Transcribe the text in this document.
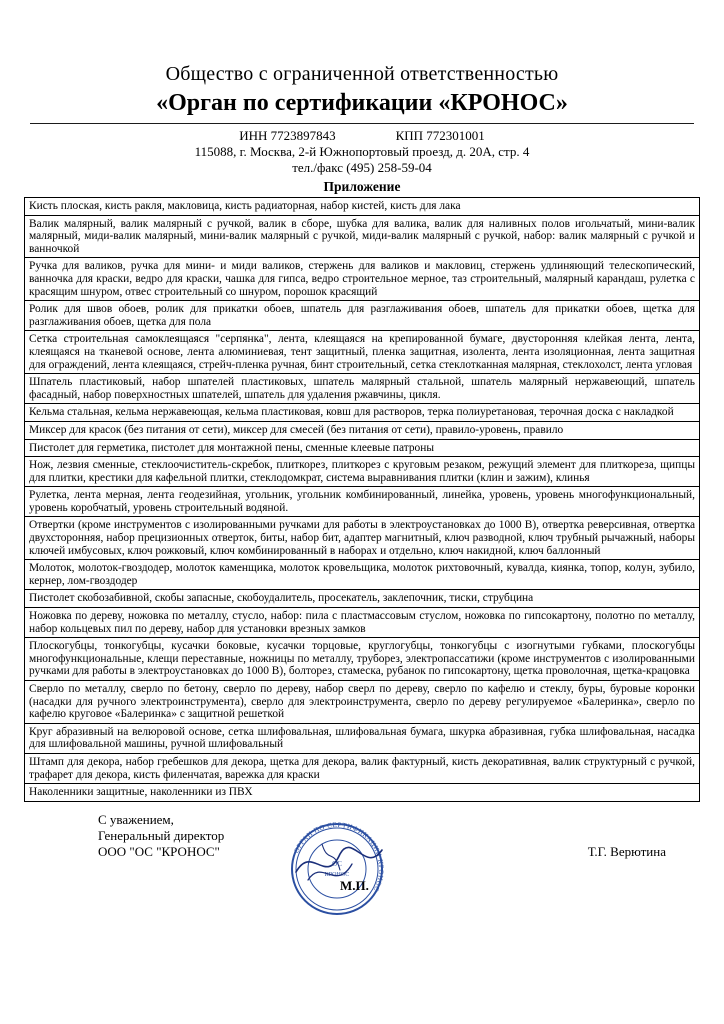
Общество с ограниченной ответственностью
«Орган по сертификации «КРОНОС»
ИНН 7723897843	КПП 772301001
115088, г. Москва, 2-й Южнопортовый проезд, д. 20А, стр. 4
тел./факс (495) 258-59-04
Приложение
Кисть плоская, кисть ракля, макловица, кисть радиаторная, набор кистей, кисть для лака
Валик малярный, валик малярный с ручкой, валик в сборе, шубка для валика, валик для наливных полов игольчатый, мини-валик малярный, миди-валик малярный, мини-валик малярный с ручкой, миди-валик малярный с ручкой, набор: валик малярный с ручкой и ванночкой
Ручка для валиков, ручка для мини- и миди валиков, стержень для валиков и макловиц, стержень удлиняющий телескопический, ванночка для краски, ведро для краски, чашка для гипса, ведро строительное мерное, таз строительный, малярный карандаш, рулетка с красящим шнуром, отвес строительный со шнуром, порошок красящий
Ролик для швов обоев, ролик для прикатки обоев, шпатель для разглаживания обоев, шпатель для прикатки обоев, щетка для разглаживания обоев, щетка для пола
Сетка строительная самоклеящаяся "серпянка", лента, клеящаяся на крепированной бумаге, двусторонняя клейкая лента, лента, клеящаяся на тканевой основе, лента алюминиевая, тент защитный, пленка защитная, изолента, лента изоляционная, лента защитная для ограждений, лента клеящаяся, стрейч-пленка ручная, бинт строительный, сетка стеклотканная малярная, стеклохолст, лента угловая
Шпатель пластиковый, набор шпателей пластиковых, шпатель малярный стальной, шпатель малярный нержавеющий, шпатель фасадный, набор поверхностных шпателей, шпатель для удаления ржавчины, цикля.
Кельма стальная, кельма нержавеющая, кельма пластиковая, ковш для растворов, терка полиуретановая, терочная доска с накладкой
Миксер для красок (без питания от сети), миксер для смесей (без питания от сети), правило-уровень, правило
Пистолет для герметика, пистолет для монтажной пены, сменные клеевые патроны
Нож, лезвия сменные, стеклоочиститель-скребок, плиткорез, плиткорез с круговым резаком, режущий элемент для плиткореза, щипцы для плитки, крестики для кафельной плитки, стеклодомкрат, система выравнивания плитки (клин и зажим), клинья
Рулетка, лента мерная, лента геодезийная, угольник, угольник комбинированный, линейка, уровень, уровень многофункциональный, уровень коробчатый, уровень строительный водяной.
Отвертки (кроме инструментов с изолированными ручками для работы в электроустановках до 1000 В), отвертка реверсивная, отвертка двухсторонняя, набор прецизионных отверток, биты, набор бит, адаптер магнитный, ключ разводной, ключ трубный рычажный, наборы ключей имбусовых, ключ рожковый, ключ комбинированный в наборах и отдельно, ключ накидной, ключ баллонный
Молоток, молоток-гвоздодер, молоток каменщика, молоток кровельщика, молоток рихтовочный, кувалда, киянка, топор, колун, зубило, кернер, лом-гвоздодер
Пистолет скобозабивной, скобы запасные, скобоудалитель, просекатель, заклепочник, тиски, струбцина
Ножовка по дереву, ножовка по металлу, стусло, набор: пила с пластмассовым стуслом, ножовка по гипсокартону, полотно по металлу, набор кольцевых пил по дереву, набор для установки врезных замков
Плоскогубцы, тонкогубцы, кусачки боковые, кусачки торцовые, круглогубцы, тонкогубцы с изогнутыми губками, плоскогубцы многофункциональные, клещи переставные, ножницы по металлу, труборез, электропассатижи (кроме инструментов с изолированными ручками для работы в электроустановках до 1000 В), болторез, стамеска, рубанок по гипсокартону, щетка проволочная, щетка-крацовка
Сверло по металлу, сверло по бетону, сверло по дереву, набор сверл по дереву, сверло по кафелю и стеклу, буры, буровые коронки (насадки для ручного электроинструмента), сверло для электроинструмента, сверло по дереву регулируемое «Балеринка», сверло по кафелю круговое «Балеринка» с защитной решеткой
Круг абразивный на велюровой основе, сетка шлифовальная, шлифовальная бумага, шкурка абразивная, губка шлифовальная, насадка для шлифовальной машины, ручной шлифовальный
Штамп для декора, набор гребешков для декора, щетка для декора, валик фактурный, кисть декоративная, валик структурный с ручкой, трафарет для декора, кисть филенчатая, варежка для краски
Наколенники защитные, наколенники из ПВХ
С уважением,
Генеральный директор
ООО "ОС "КРОНОС"	ОРГАН ПО СЕРТИФИКАЦИИ КРОНОС
ОС
КРОНОС
М.П.
Т.Г. Верютина
